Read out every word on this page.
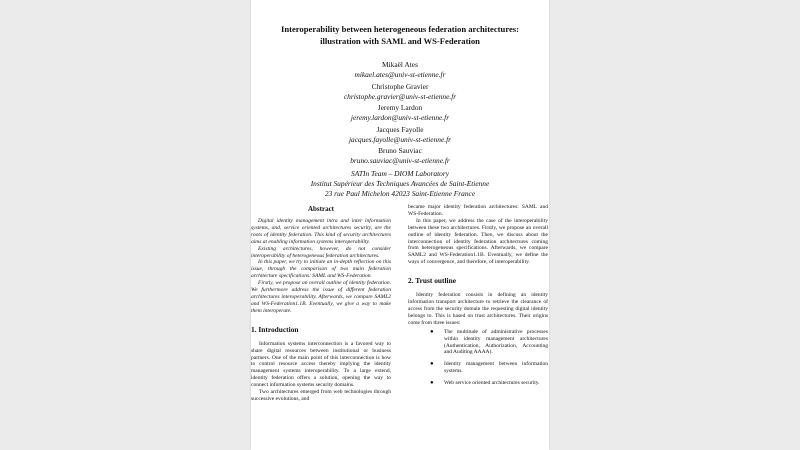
Interoperability between heterogeneous federation architectures:
illustration with SAML and WS-Federation
Mikaël Ates
mikael.ates@univ-st-etienne.fr
Christophe Gravier
christophe.gravier@univ-st-etienne.fr
Jeremy Lardon
jeremy.lardon@univ-st-etienne.fr
Jacques Fayolle
jacques.fayolle@univ-st-etienne.fr
Bruno Sauviac
bruno.sauviac@univ-st-etienne.fr
SATIn Team – DIOM Laboratory
Institut Supérieur des Techniques Avancées de Saint-Etienne
23 rue Paul Michelon 42023 Saint-Etienne France
Abstract

Digital identity management intra and inter information systems, and, service oriented architectures security, are the roots of identity federation. This kind of security architectures aims at enabling information systems interoperability.

Existing architectures, however, do not consider interoperability of heterogeneous federation architectures.

In this paper, we try to initiate an in-depth reflection on this issue, through the comparison of two main federation architecture specifications: SAML and WS-Federation.

Firstly, we propose an overall outline of identity federation. We furthermore address the issue of different federation architectures interoperability. Afterwards, we compare SAML2 and WS-Federation1.1B. Eventually, we give a way to make them interoperate.

1. Introduction

Information systems interconnection is a favored way to share digital resources between institutional or business partners. One of the main point of this interconnection is how to control resource access thereby implying the identity management systems interoperability. To a large extend, identity federation offers a solution, opening the way to connect information systems security domains.

Two architectures emerged from web technologies through successive evolutions, and

became major identity federation architectures: SAML and WS-Federation.

In this paper, we address the case of the interoperability between these two architectures. Firstly, we propose an overall outline of identity federation. Then, we discuss about the interconnection of identity federation architectures coming from heterogeneous specifications. Afterwards, we compare SAML2 and WS-Federation1.1B. Eventually, we define the ways of convergence, and therefore, of interoperability.

2. Trust outline

Identity federation consists in defining an identity information transport architecture to retrieve the clearance of access from the security domain the requesting digital identity belongs to. This is based on trust architectures. Their origins come from three issues:

● The multitude of administrative processes within identity management architectures (Authentication, Authorization, Accounting and Auditing AAAA).
● Identity management between information systems.
● Web service oriented architectures security.
